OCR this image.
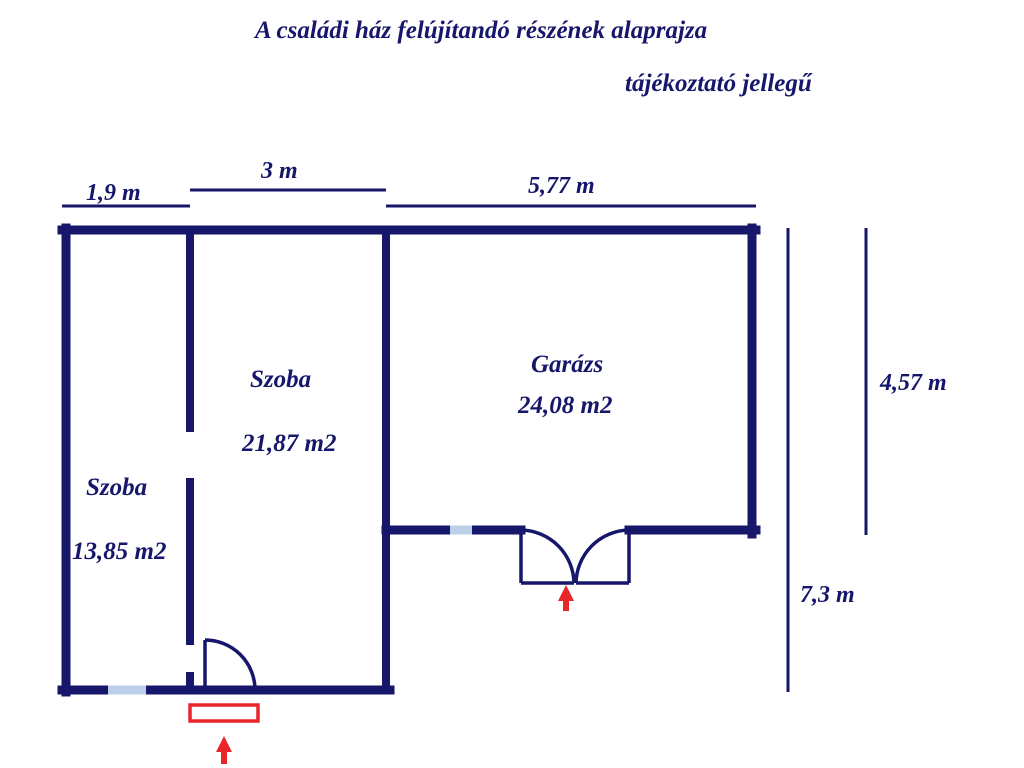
A családi ház felújítandó részének alaprajza
tájékoztató jellegű
1,9 m
3 m
5,77 m
4,57 m
7,3 m
Szoba
13,85 m2
Szoba
21,87 m2
Garázs
24,08 m2
